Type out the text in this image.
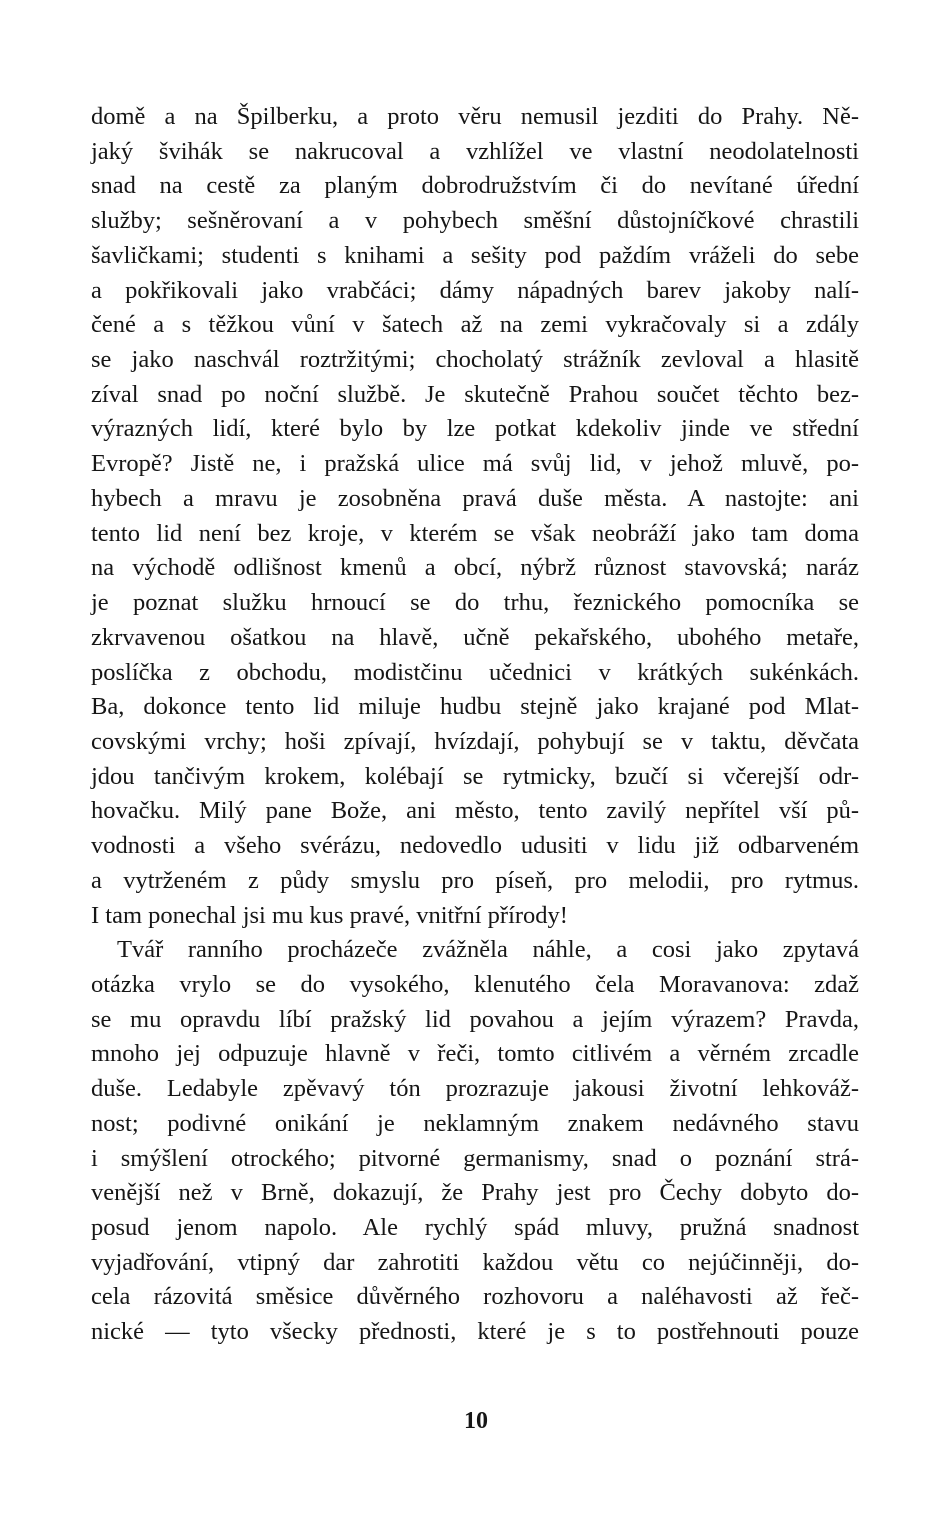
domě a na Špilberku, a proto věru nemusil jezditi do Prahy. Ně-
jaký švihák se nakrucoval a vzhlížel ve vlastní neodolatelnosti
snad na cestě za planým dobrodružstvím či do nevítané úřední
služby; sešněrovaní a v pohybech směšní důstojníčkové chrastili
šavličkami; studenti s knihami a sešity pod paždím vráželi do sebe
a pokřikovali jako vrabčáci; dámy nápadných barev jakoby nalí-
čené a s těžkou vůní v šatech až na zemi vykračovaly si a zdály
se jako naschvál roztržitými; chocholatý strážník zevloval a hlasitě
zíval snad po noční službě. Je skutečně Prahou součet těchto bez-
výrazných lidí, které bylo by lze potkat kdekoliv jinde ve střední
Evropě? Jistě ne, i pražská ulice má svůj lid, v jehož mluvě, po-
hybech a mravu je zosobněna pravá duše města. A nastojte: ani
tento lid není bez kroje, v kterém se však neobráží jako tam doma
na východě odlišnost kmenů a obcí, nýbrž různost stavovská; naráz
je poznat služku hrnoucí se do trhu, řeznického pomocníka se
zkrvavenou ošatkou na hlavě, učně pekařského, ubohého metaře,
poslíčka z obchodu, modistčinu učednici v krátkých sukénkách.
Ba, dokonce tento lid miluje hudbu stejně jako krajané pod Mlat-
covskými vrchy; hoši zpívají, hvízdají, pohybují se v taktu, děvčata
jdou tančivým krokem, kolébají se rytmicky, bzučí si včerejší odr-
hovačku. Milý pane Bože, ani město, tento zavilý nepřítel vší pů-
vodnosti a všeho svérázu, nedovedlo udusiti v lidu již odbarveném
a vytrženém z půdy smyslu pro píseň, pro melodii, pro rytmus.
I tam ponechal jsi mu kus pravé, vnitřní přírody!
Tvář ranního procházeče zvážněla náhle, a cosi jako zpytavá
otázka vrylo se do vysokého, klenutého čela Moravanova: zdaž
se mu opravdu líbí pražský lid povahou a jejím výrazem? Pravda,
mnoho jej odpuzuje hlavně v řeči, tomto citlivém a věrném zrcadle
duše. Ledabyle zpěvavý tón prozrazuje jakousi životní lehkováž-
nost; podivné onikání je neklamným znakem nedávného stavu
i smýšlení otrockého; pitvorné germanismy, snad o poznání strá-
venější než v Brně, dokazují, že Prahy jest pro Čechy dobyto do-
posud jenom napolo. Ale rychlý spád mluvy, pružná snadnost
vyjadřování, vtipný dar zahrotiti každou větu co nejúčinněji, do-
cela rázovitá směsice důvěrného rozhovoru a naléhavosti až řeč-
nické — tyto všecky přednosti, které je s to postřehnouti pouze
10
